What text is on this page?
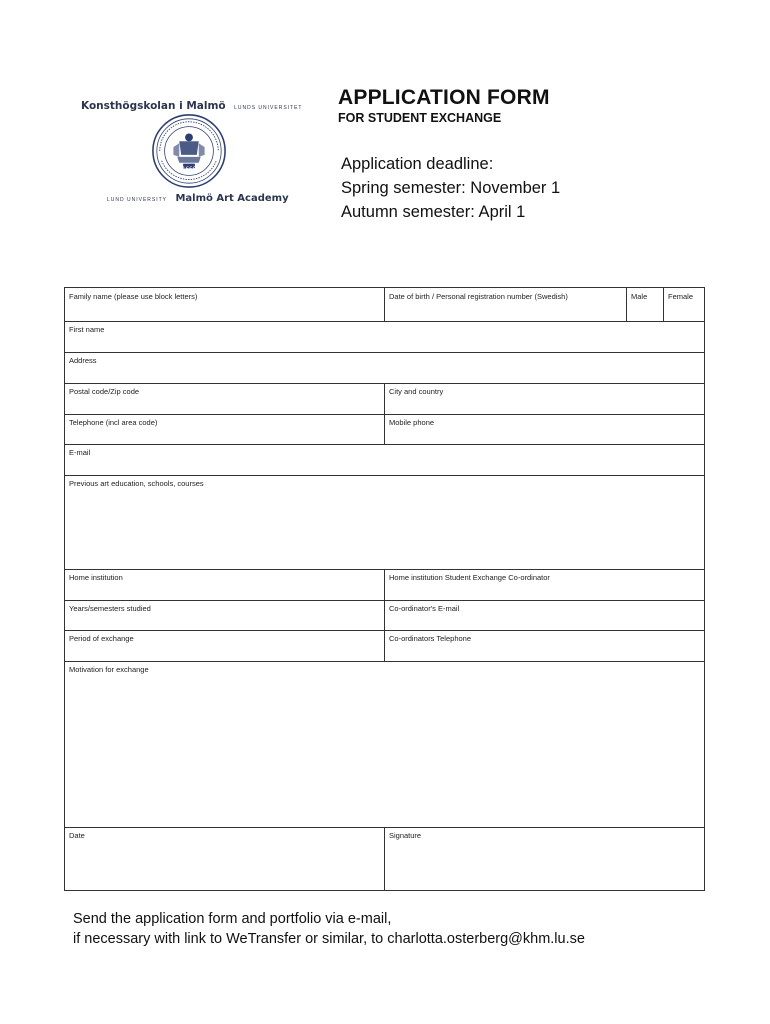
Konsthögskolan i Malmö LUNDS UNIVERSITET
1666
LUND UNIVERSITY Malmö Art Academy
APPLICATION FORM
FOR STUDENT EXCHANGE
Application deadline:
Spring semester: November 1
Autumn semester: April 1
Family name (please use block letters)	Date of birth / Personal registration number (Swedish)	Male	Female
First name
Address
Postal code/Zip code	City and country
Telephone (incl area code)	Mobile phone
E-mail
Previous art education, schools, courses
Home institution	Home institution Student Exchange Co-ordinator
Years/semesters studied	Co-ordinator's E-mail
Period of exchange	Co-ordinators Telephone
Motivation for exchange
Date	Signature
Send the application form and portfolio via e-mail,
if necessary with link to WeTransfer or similar, to charlotta.osterberg@khm.lu.se
